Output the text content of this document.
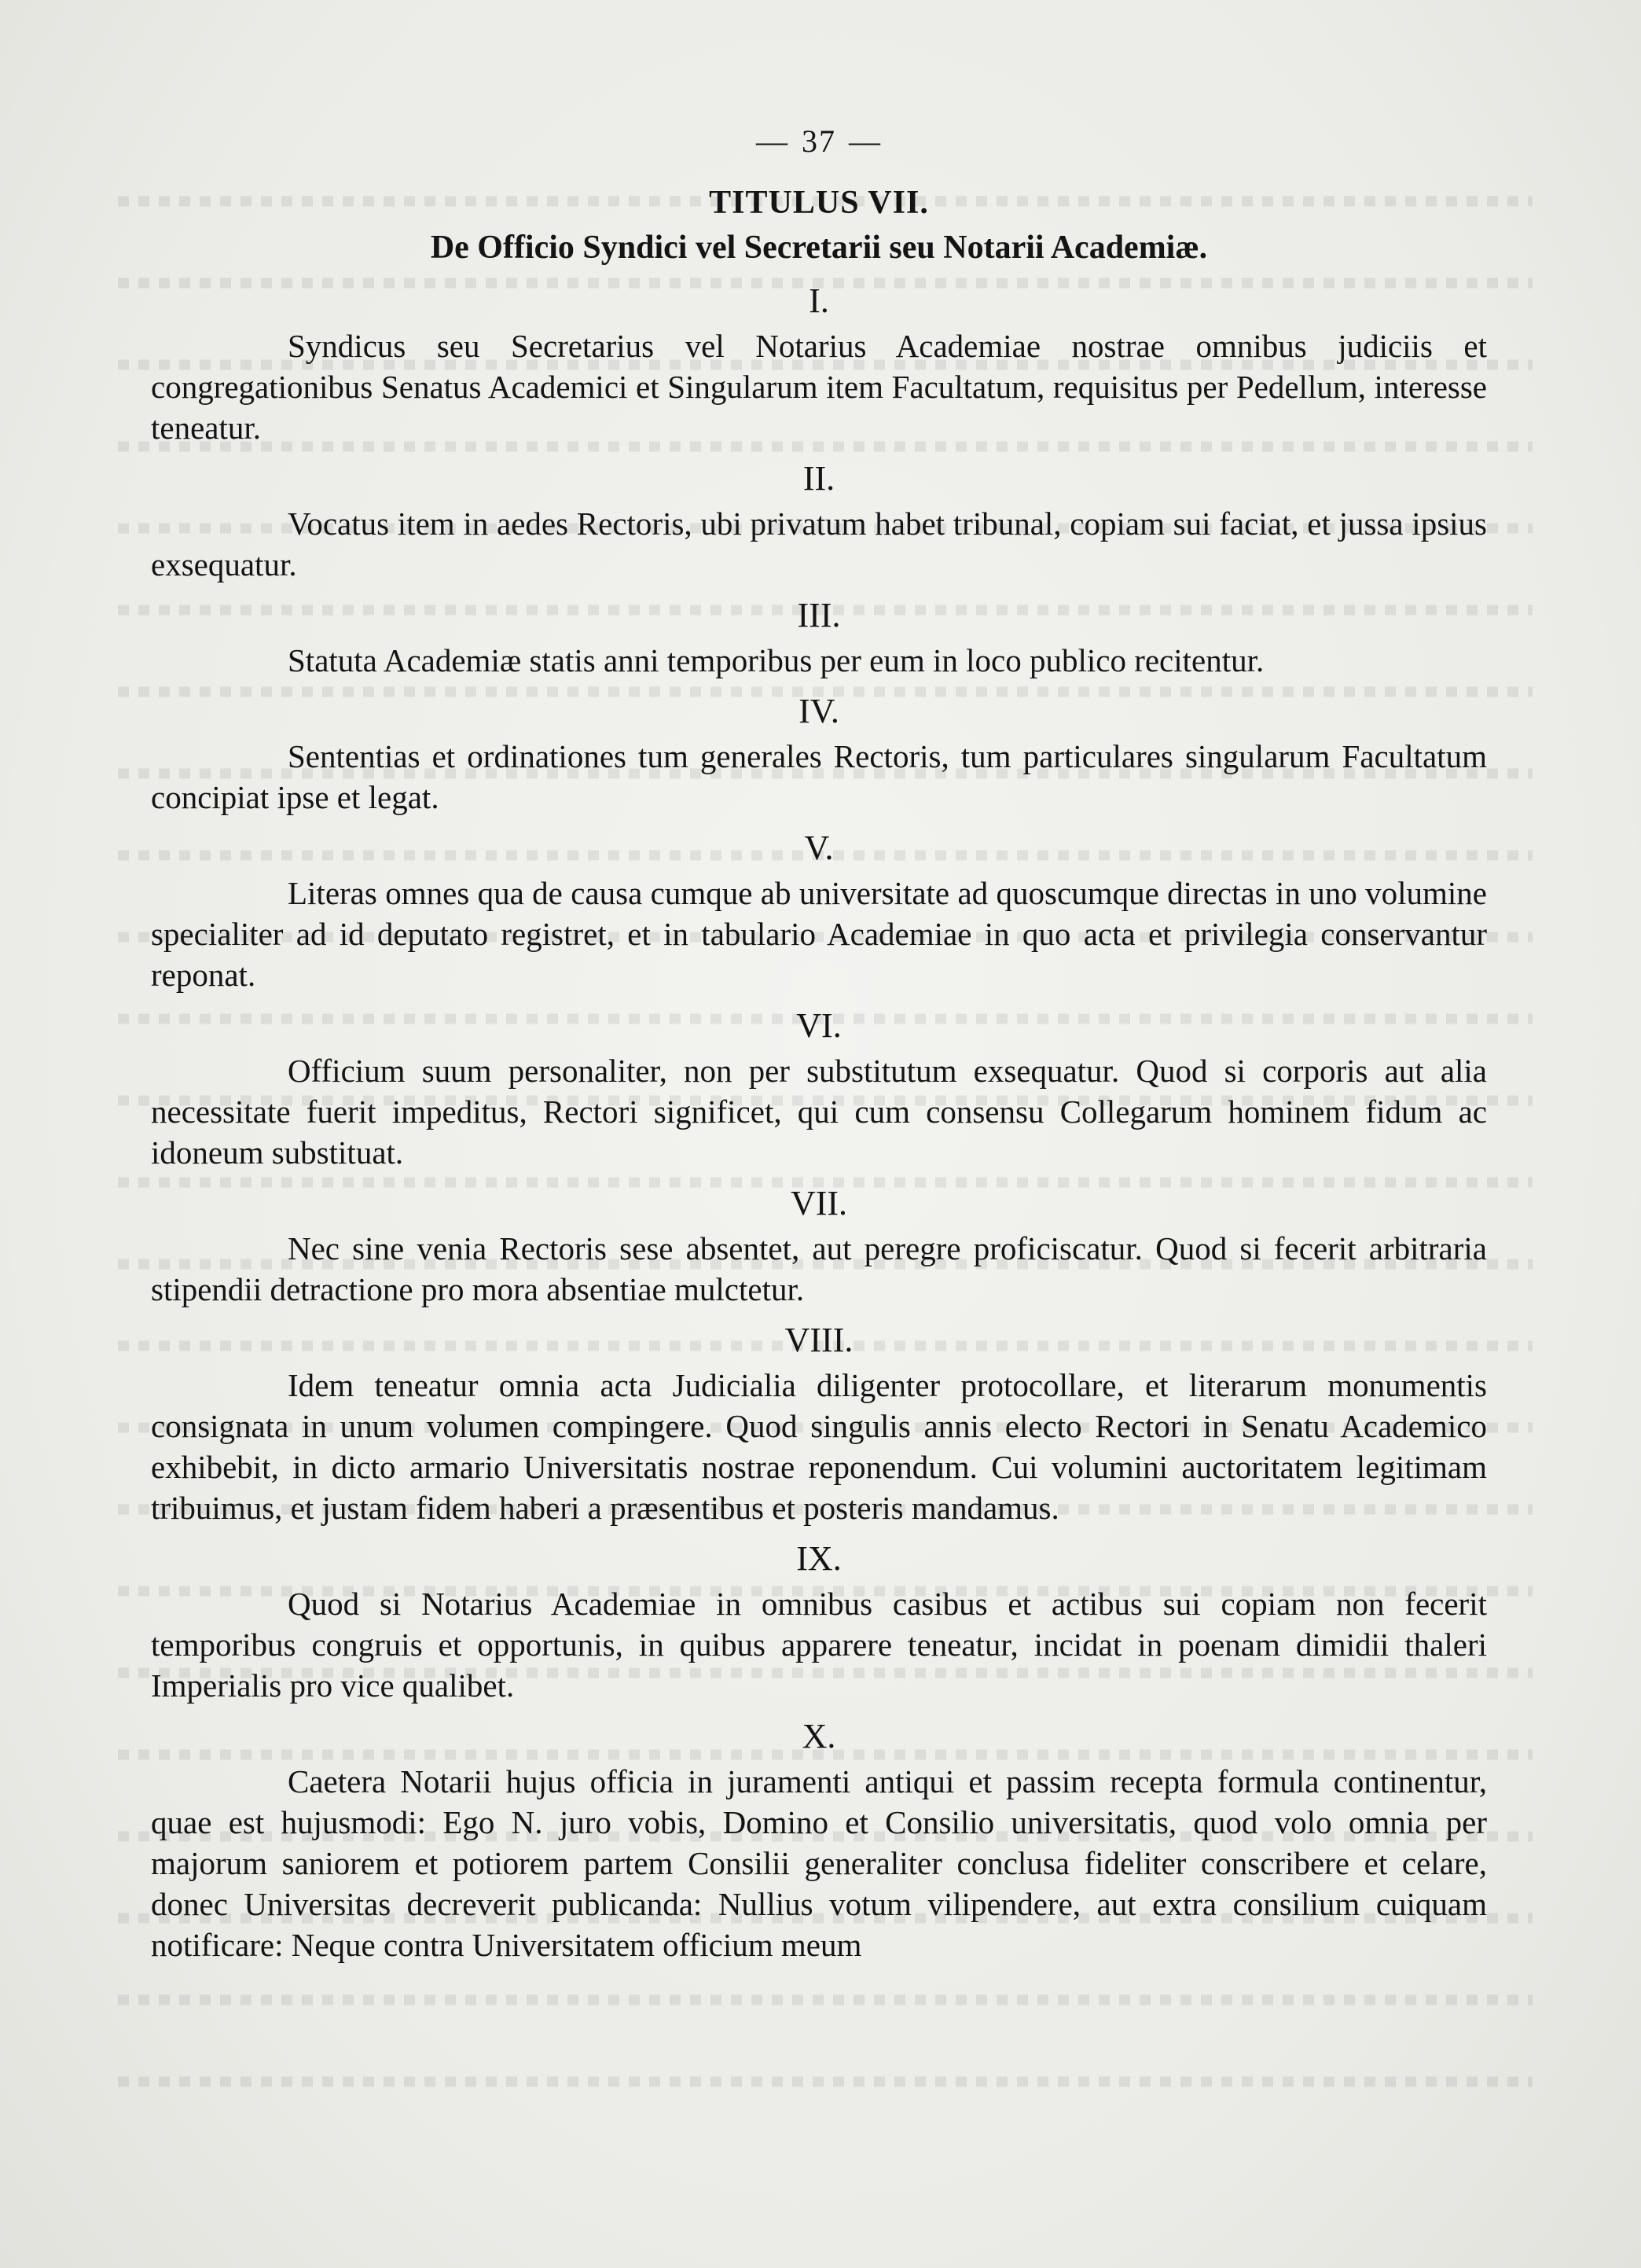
— 37 —

TITULUS VII.
De Officio Syndici vel Secretarii seu Notarii Academiæ.
I.

Syndicus seu Secretarius vel Notarius Academiae nostrae omnibus judiciis et congregationibus Senatus Academici et Singularum item Facultatum, requisitus per Pedellum, interesse teneatur.

II.

Vocatus item in aedes Rectoris, ubi privatum habet tribunal, copiam sui faciat, et jussa ipsius exsequatur.

III.

Statuta Academiæ statis anni temporibus per eum in loco publico recitentur.

IV.

Sententias et ordinationes tum generales Rectoris, tum particulares singularum Facultatum concipiat ipse et legat.

V.

Literas omnes qua de causa cumque ab universitate ad quoscumque directas in uno volumine specialiter ad id deputato registret, et in tabulario Academiae in quo acta et privilegia conservantur reponat.

VI.

Officium suum personaliter, non per substitutum exsequatur. Quod si corporis aut alia necessitate fuerit impeditus, Rectori significet, qui cum consensu Collegarum hominem fidum ac idoneum substituat.

VII.

Nec sine venia Rectoris sese absentet, aut peregre proficiscatur. Quod si fecerit arbitraria stipendii detractione pro mora absentiae mulctetur.

VIII.

Idem teneatur omnia acta Judicialia diligenter protocollare, et literarum monumentis consignata in unum volumen compingere. Quod singulis annis electo Rectori in Senatu Academico exhibebit, in dicto armario Universitatis nostrae reponendum. Cui volumini auctoritatem legitimam tribuimus, et justam fidem haberi a præsentibus et posteris mandamus.

IX.

Quod si Notarius Academiae in omnibus casibus et actibus sui copiam non fecerit temporibus congruis et opportunis, in quibus apparere teneatur, incidat in poenam dimidii thaleri Imperialis pro vice qualibet.

X.

Caetera Notarii hujus officia in juramenti antiqui et passim recepta formula continentur, quae est hujusmodi: Ego N. juro vobis, Domino et Consilio universitatis, quod volo omnia per majorum saniorem et potiorem partem Consilii generaliter conclusa fideliter conscribere et celare, donec Universitas decreverit publicanda: Nullius votum vilipendere, aut extra consilium cuiquam notificare: Neque contra Universitatem officium meum
